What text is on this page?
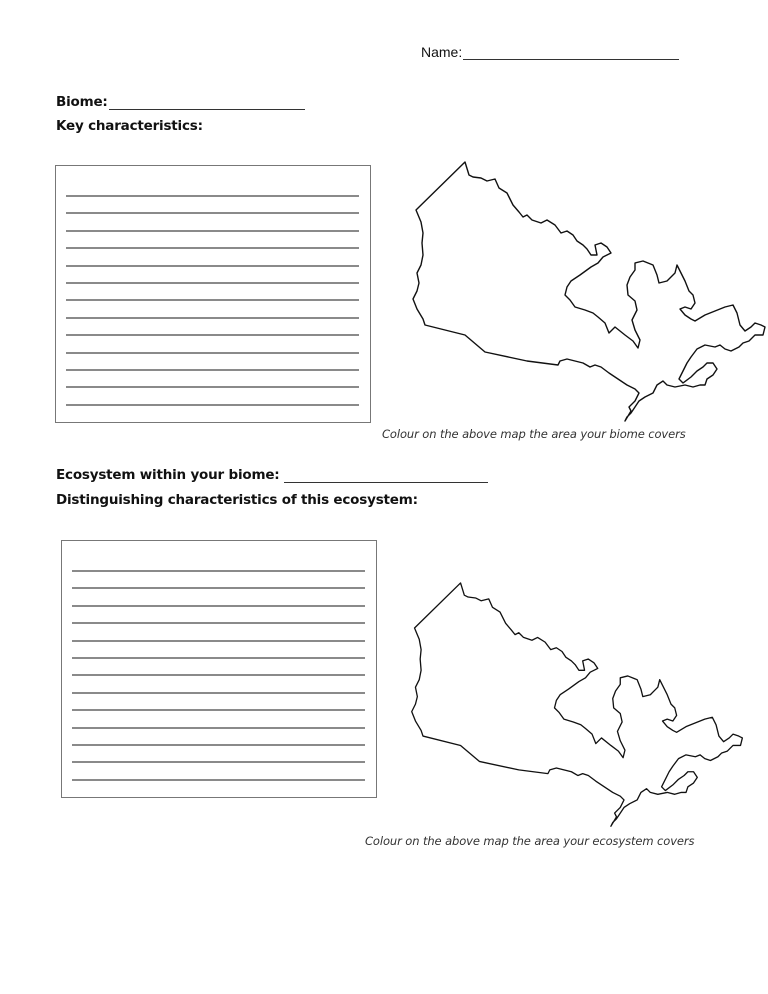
Name:
Biome:
Key characteristics:
Colour on the above map the area your biome covers
Ecosystem within your biome:
Distinguishing characteristics of this ecosystem:
Colour on the above map the area your ecosystem covers
